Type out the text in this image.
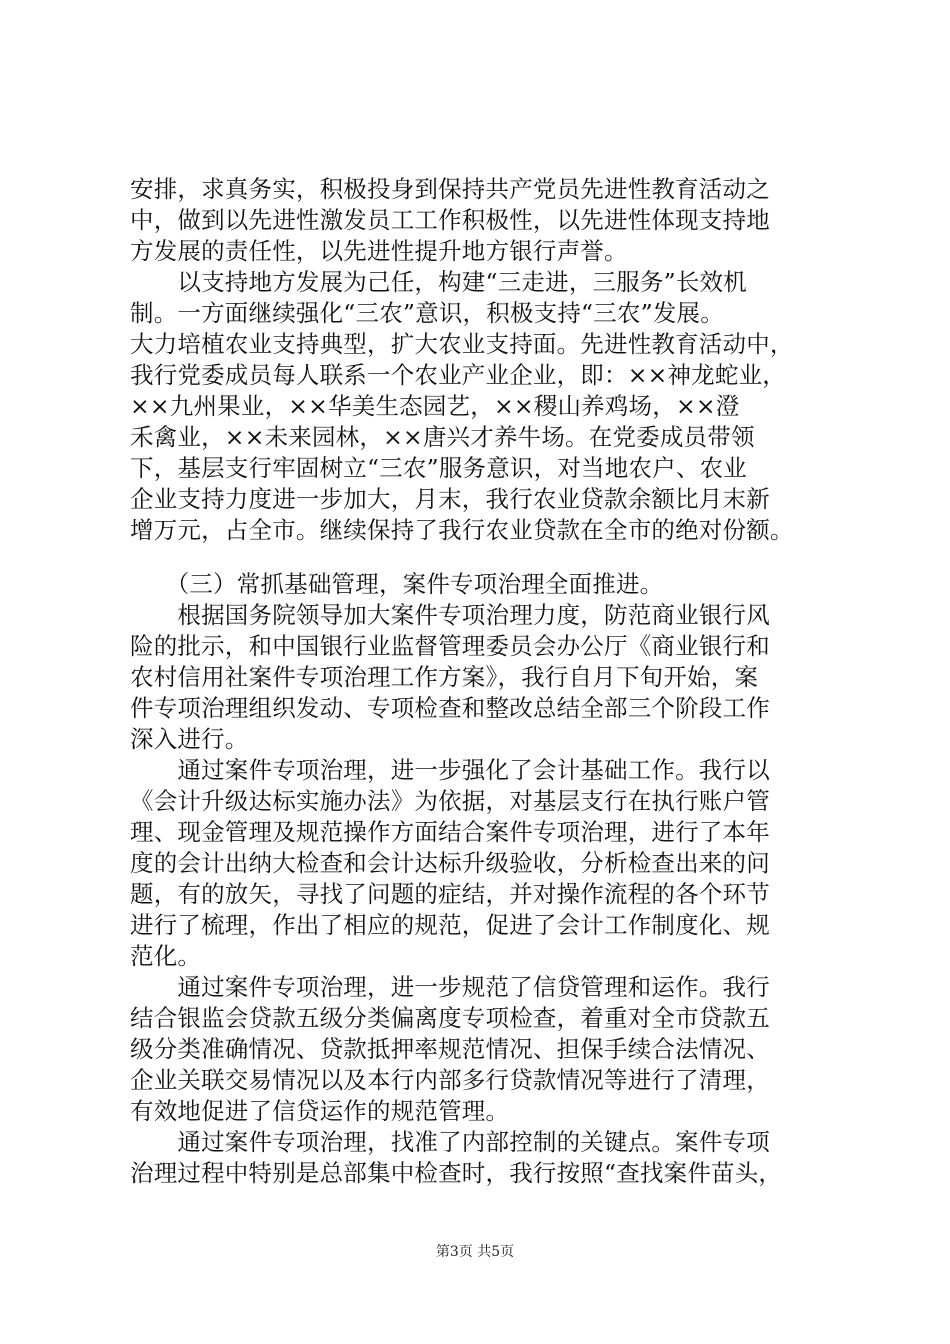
安排，求真务实，积极投身到保持共产党员先进性教育活动之
中，做到以先进性激发员工工作积极性，以先进性体现支持地
方发展的责任性，以先进性提升地方银行声誉。
　　以支持地方发展为己任，构建“三走进，三服务”长效机
制。一方面继续强化“三农”意识，积极支持“三农”发展。
大力培植农业支持典型，扩大农业支持面。先进性教育活动中，
我行党委成员每人联系一个农业产业企业，即：××神龙蛇业，
××九州果业，××华美生态园艺，××稷山养鸡场，××澄
禾禽业，××未来园林，××唐兴才养牛场。在党委成员带领
下，基层支行牢固树立“三农”服务意识，对当地农户、农业
企业支持力度进一步加大，月末，我行农业贷款余额比月末新
增万元，占全市。继续保持了我行农业贷款在全市的绝对份额。
　　（三）常抓基础管理，案件专项治理全面推进。
　　根据国务院领导加大案件专项治理力度，防范商业银行风
险的批示，和中国银行业监督管理委员会办公厅《商业银行和
农村信用社案件专项治理工作方案》，我行自月下旬开始，案
件专项治理组织发动、专项检查和整改总结全部三个阶段工作
深入进行。
　　通过案件专项治理，进一步强化了会计基础工作。我行以
《会计升级达标实施办法》为依据，对基层支行在执行账户管
理、现金管理及规范操作方面结合案件专项治理，进行了本年
度的会计出纳大检查和会计达标升级验收，分析检查出来的问
题，有的放矢，寻找了问题的症结，并对操作流程的各个环节
进行了梳理，作出了相应的规范，促进了会计工作制度化、规
范化。
　　通过案件专项治理，进一步规范了信贷管理和运作。我行
结合银监会贷款五级分类偏离度专项检查，着重对全市贷款五
级分类准确情况、贷款抵押率规范情况、担保手续合法情况、
企业关联交易情况以及本行内部多行贷款情况等进行了清理，
有效地促进了信贷运作的规范管理。
　　通过案件专项治理，找准了内部控制的关键点。案件专项
治理过程中特别是总部集中检查时，我行按照“查找案件苗头，
第3页 共5页
